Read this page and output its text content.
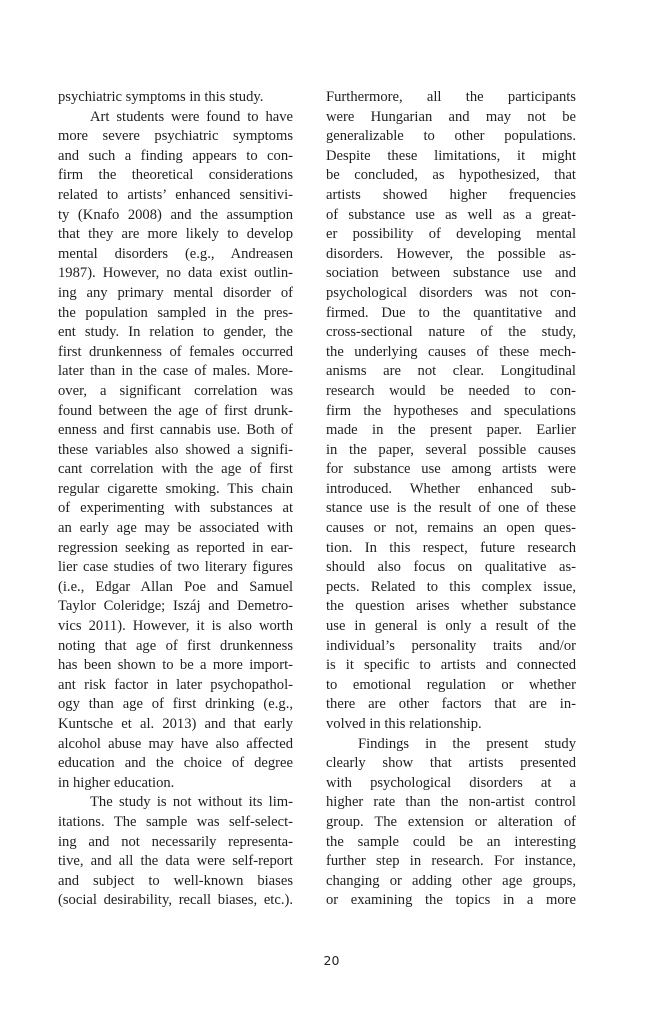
psychiatric symptoms in this study.
Art students were found to have
more severe psychiatric symptoms
and such a finding appears to con-
firm the theoretical considerations
related to artists’ enhanced sensitivi-
ty (Knafo 2008) and the assumption
that they are more likely to develop
mental disorders (e.g., Andreasen
1987). However, no data exist outlin-
ing any primary mental disorder of
the population sampled in the pres-
ent study. In relation to gender, the
first drunkenness of females occurred
later than in the case of males. More-
over, a significant correlation was
found between the age of first drunk-
enness and first cannabis use. Both of
these variables also showed a signifi-
cant correlation with the age of first
regular cigarette smoking. This chain
of experimenting with substances at
an early age may be associated with
regression seeking as reported in ear-
lier case studies of two literary figures
(i.e., Edgar Allan Poe and Samuel
Taylor Coleridge; Iszáj and Demetro-
vics 2011). However, it is also worth
noting that age of first drunkenness
has been shown to be a more import-
ant risk factor in later psychopathol-
ogy than age of first drinking (e.g.,
Kuntsche et al. 2013) and that early
alcohol abuse may have also affected
education and the choice of degree
in higher education.
The study is not without its lim-
itations. The sample was self-select-
ing and not necessarily representa-
tive, and all the data were self-report
and subject to well-known biases
(social desirability, recall biases, etc.).
Furthermore, all the participants
were Hungarian and may not be
generalizable to other populations.
Despite these limitations, it might
be concluded, as hypothesized, that
artists showed higher frequencies
of substance use as well as a great-
er possibility of developing mental
disorders. However, the possible as-
sociation between substance use and
psychological disorders was not con-
firmed. Due to the quantitative and
cross-sectional nature of the study,
the underlying causes of these mech-
anisms are not clear. Longitudinal
research would be needed to con-
firm the hypotheses and speculations
made in the present paper. Earlier
in the paper, several possible causes
for substance use among artists were
introduced. Whether enhanced sub-
stance use is the result of one of these
causes or not, remains an open ques-
tion. In this respect, future research
should also focus on qualitative as-
pects. Related to this complex issue,
the question arises whether substance
use in general is only a result of the
individual’s personality traits and/or
is it specific to artists and connected
to emotional regulation or whether
there are other factors that are in-
volved in this relationship.
Findings in the present study
clearly show that artists presented
with psychological disorders at a
higher rate than the non-artist control
group. The extension or alteration of
the sample could be an interesting
further step in research. For instance,
changing or adding other age groups,
or examining the topics in a more
20
